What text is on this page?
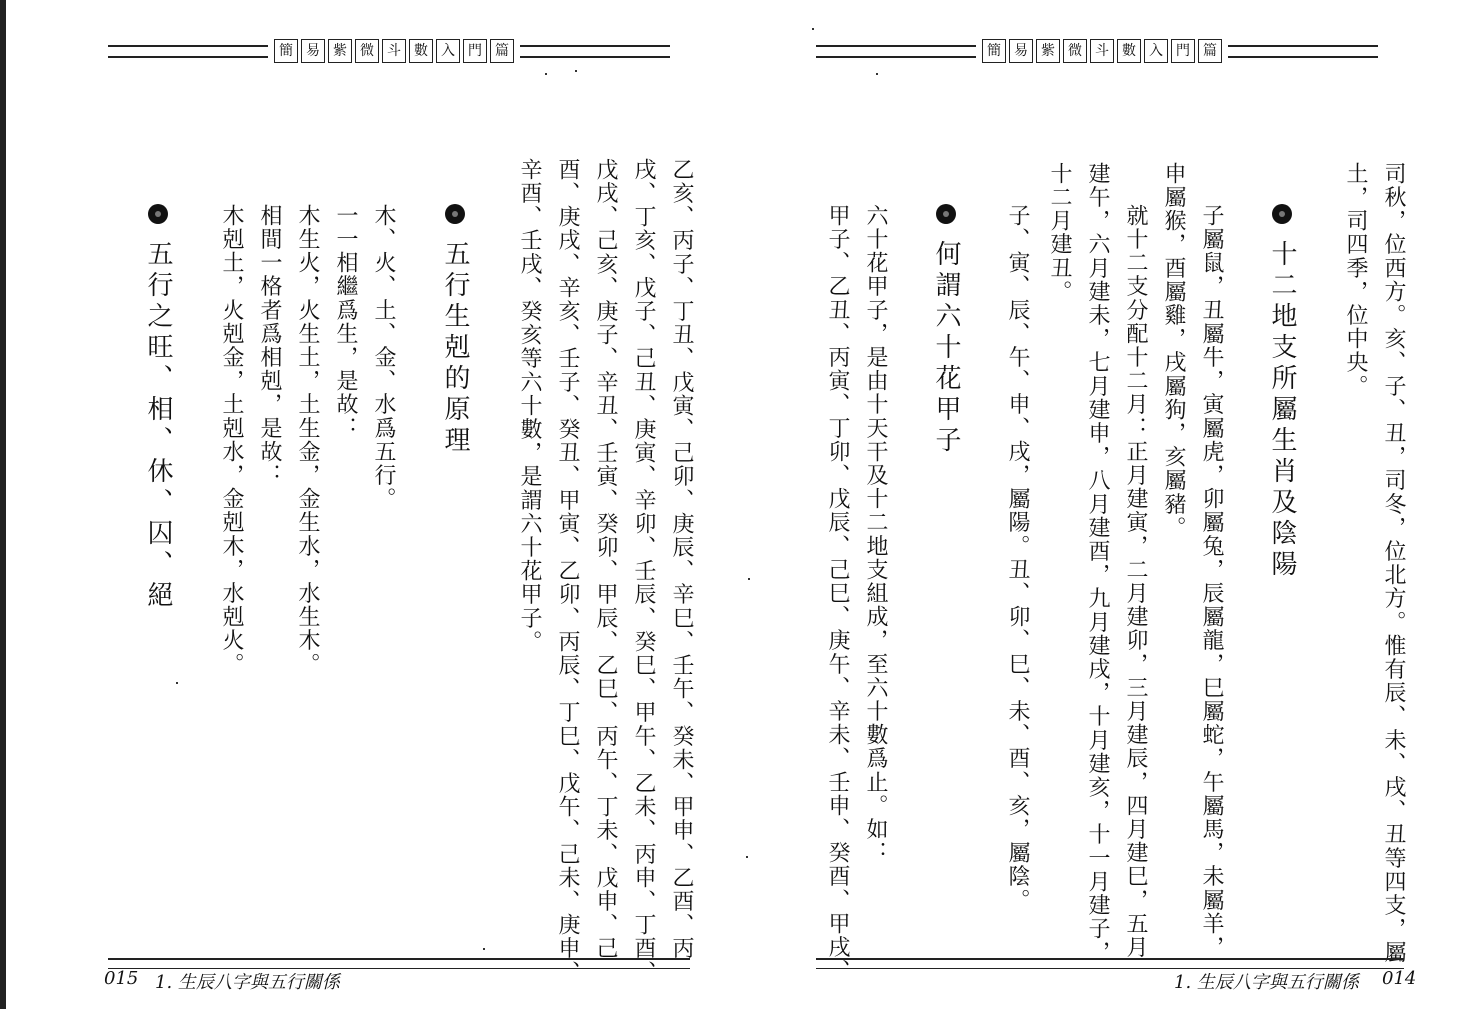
簡 易 紫 微 斗 數 入 門 篇
乙亥、丙子、丁丑、戊寅、己卯、庚辰、辛巳、壬午、癸未、甲申、乙酉、丙
戌、丁亥、戊子、己丑、庚寅、辛卯、壬辰、癸巳、甲午、乙未、丙申、丁酉、
戊戌、己亥、庚子、辛丑、壬寅、癸卯、甲辰、乙巳、丙午、丁未、戊申、己
酉、庚戌、辛亥、壬子、癸丑、甲寅、乙卯、丙辰、丁巳、戊午、己未、庚申、
辛酉、壬戌、癸亥等六十數，是謂六十花甲子。
五行生剋的原理
木、火、土、金、水爲五行。
一一相繼爲生，是故：
木生火，火生土，土生金，金生水，水生木。
相間一格者爲相剋，是故：
木剋土，火剋金，土剋水，金剋木，水剋火。
五行之旺、相、休、囚、絕
015 1. 生辰八字與五行關係
簡 易 紫 微 斗 數 入 門 篇
司秋，位西方。亥、子、丑，司冬，位北方。惟有辰、未、戌、丑等四支，屬
土，司四季，位中央。
十二地支所屬生肖及陰陽
子屬鼠，丑屬牛，寅屬虎，卯屬兔，辰屬龍，巳屬蛇，午屬馬，未屬羊，
申屬猴，酉屬雞，戌屬狗，亥屬豬。
就十二支分配十二月：正月建寅，二月建卯，三月建辰，四月建巳，五月
建午，六月建未，七月建申，八月建酉，九月建戌，十月建亥，十一月建子，
十二月建丑。
子、寅、辰、午、申、戌，屬陽。丑、卯、巳、未、酉、亥，屬陰。
何謂六十花甲子
六十花甲子，是由十天干及十二地支組成，至六十數爲止。如：
甲子、乙丑、丙寅、丁卯、戊辰、己巳、庚午、辛未、壬申、癸酉、甲戌、	1. 生辰八字與五行關係 014
